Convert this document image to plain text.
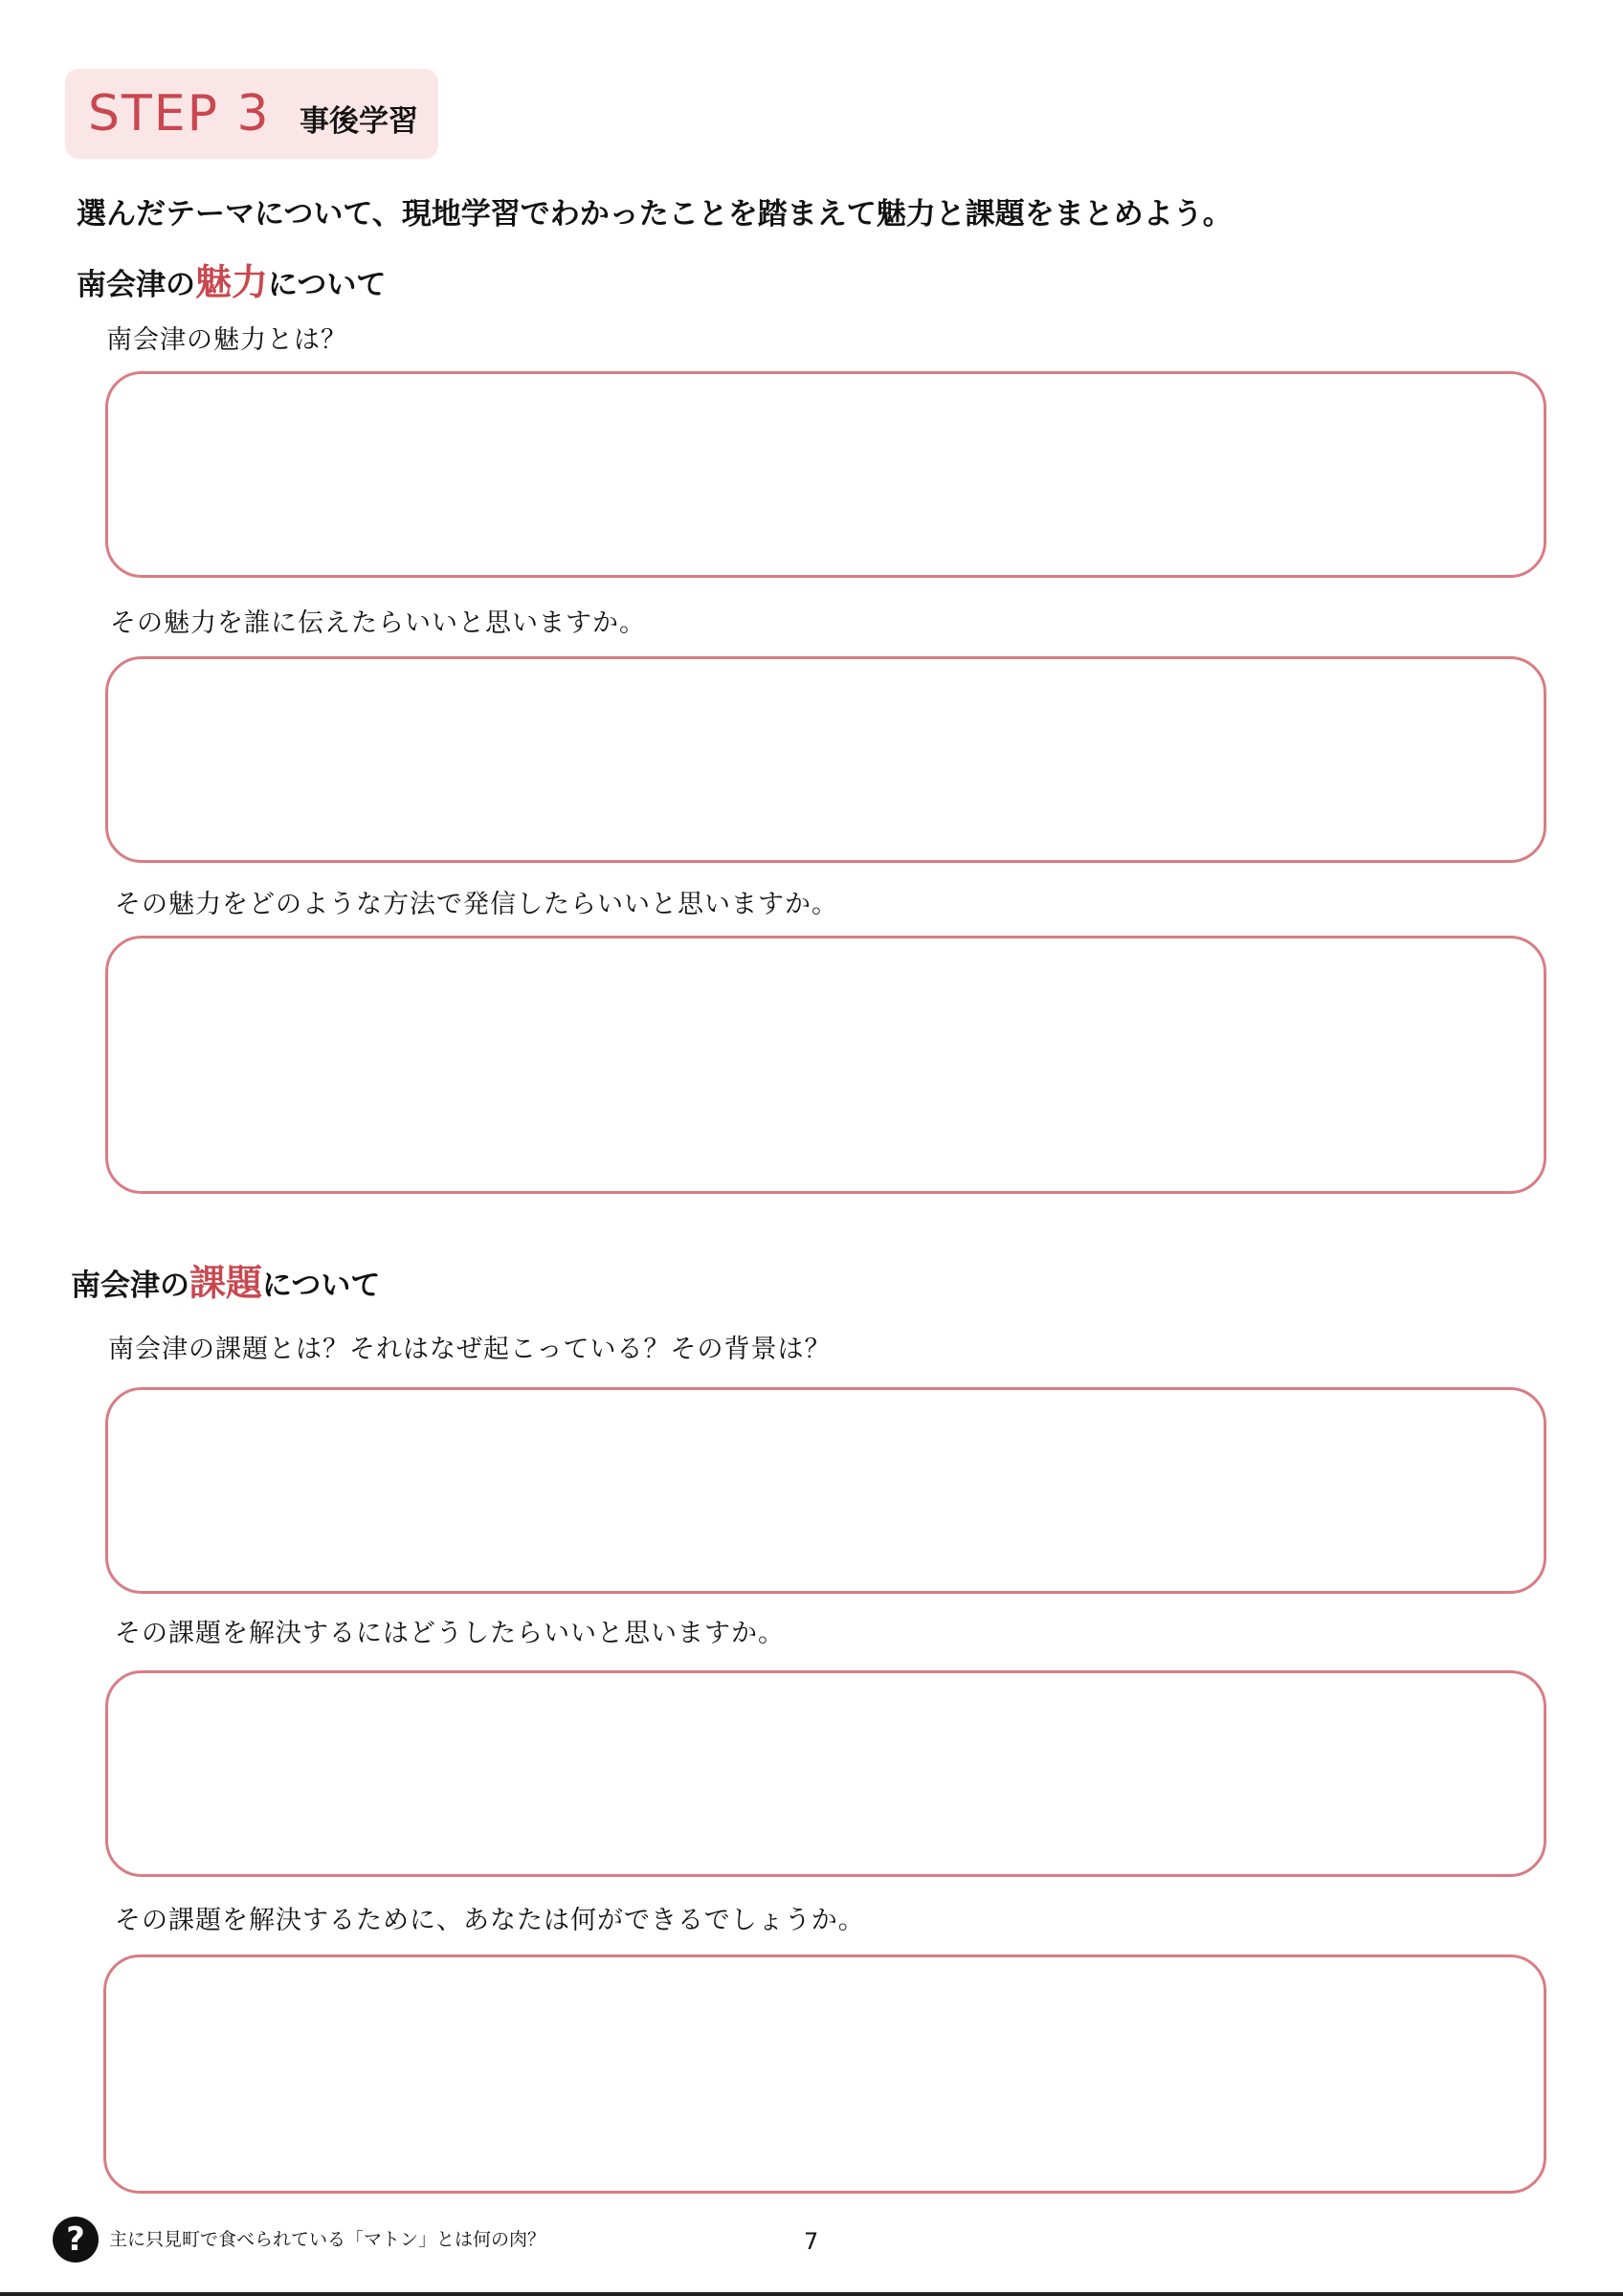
STEP 3 事後学習
選んだテーマについて、現地学習でわかったことを踏まえて魅力と課題をまとめよう。
南会津の魅力について
南会津の魅力とは？
その魅力を誰に伝えたらいいと思いますか。
その魅力をどのような方法で発信したらいいと思いますか。
南会津の課題について
南会津の課題とは？それはなぜ起こっている？その背景は？
その課題を解決するにはどうしたらいいと思いますか。
その課題を解決するために、あなたは何ができるでしょうか。
?	主に只見町で食べられている「マトン」とは何の肉？	7
